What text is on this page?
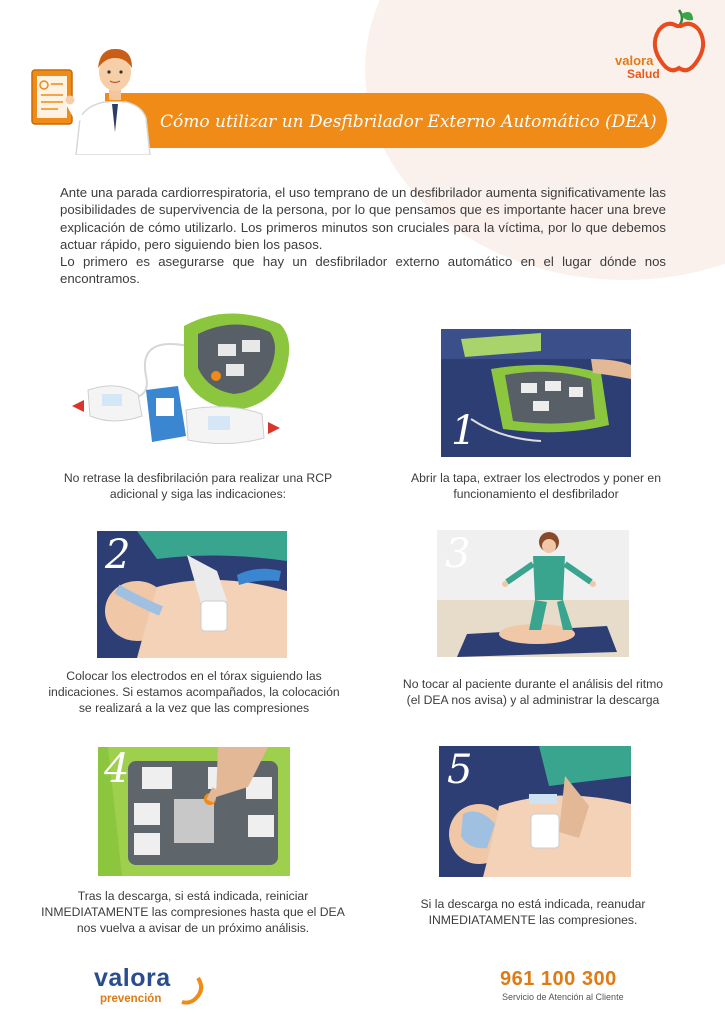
Cómo utilizar un Desfibrilador Externo Automático (DEA)
valora
Salud

Ante una parada cardiorrespiratoria, el uso temprano de un desfibrilador aumenta significativamente las posibilidades de supervivencia de la persona, por lo que pensamos que es importante hacer una breve explicación de cómo utilizarlo. Los primeros minutos son cruciales para la víctima, por lo que debemos actuar rápido, pero siguiendo bien los pasos.

Lo primero es asegurarse que hay un desfibrilador externo automático en el lugar dónde nos encontramos.

1
No retrase la desfibrilación para realizar una RCP
adicional y siga las indicaciones:
Abrir la tapa, extraer los electrodos y poner en
funcionamiento el desfibrilador
2	3
Colocar los electrodos en el tórax siguiendo las
indicaciones. Si estamos acompañados, la colocación
se realizará a la vez que las compresiones
No tocar al paciente durante el análisis del ritmo
(el DEA nos avisa) y al administrar la descarga
4	5
Tras la descarga, si está indicada, reiniciar
INMEDIATAMENTE las compresiones hasta que el DEA
nos vuelva a avisar de un próximo análisis.
Si la descarga no está indicada, reanudar
INMEDIATAMENTE las compresiones.
valora
prevención
961 100 300
Servicio de Atención al Cliente
